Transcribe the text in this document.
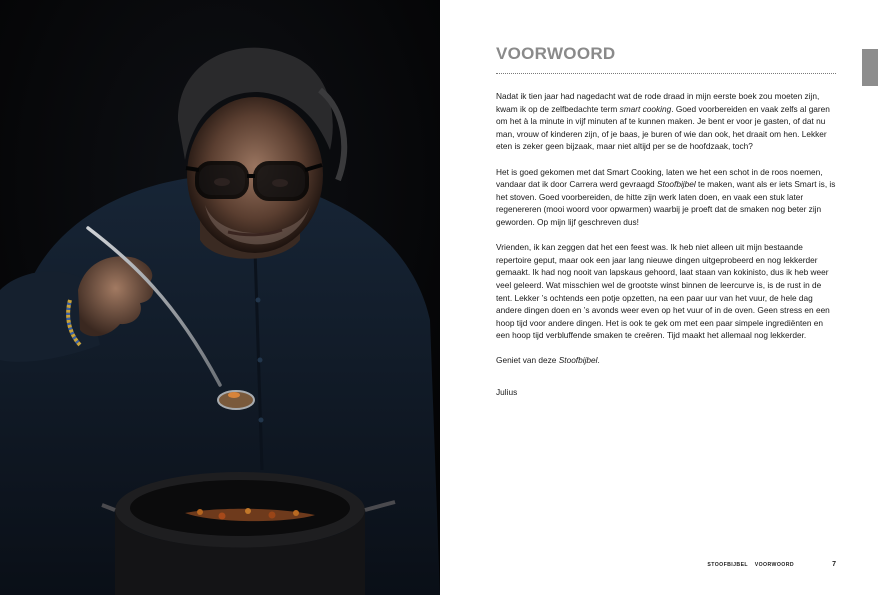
VOORWOORD

Nadat ik tien jaar had nagedacht wat de rode draad in mijn eerste boek zou moeten zijn, kwam ik op de zelfbedachte term smart cooking. Goed voorbereiden en vaak zelfs al garen om het à la minute in vijf minuten af te kunnen maken. Je bent er voor je gasten, of dat nu man, vrouw of kinderen zijn, of je baas, je buren of wie dan ook, het draait om hen. Lekker eten is zeker geen bijzaak, maar niet altijd per se de hoofdzaak, toch?

Het is goed gekomen met dat Smart Cooking, laten we het een schot in de roos noemen, vandaar dat ik door Carrera werd gevraagd Stoofbijbel te maken, want als er iets Smart is, is het stoven. Goed voorbereiden, de hitte zijn werk laten doen, en vaak een stuk later regenereren (mooi woord voor opwarmen) waarbij je proeft dat de smaken nog beter zijn geworden. Op mijn lijf geschreven dus!

Vrienden, ik kan zeggen dat het een feest was. Ik heb niet alleen uit mijn bestaande repertoire geput, maar ook een jaar lang nieuwe dingen uitgeprobeerd en nog lekkerder gemaakt. Ik had nog nooit van lapskaus gehoord, laat staan van kokinisto, dus ik heb weer veel geleerd. Wat misschien wel de grootste winst binnen de leercurve is, is de rust in de tent. Lekker ’s ochtends een potje opzetten, na een paar uur van het vuur, de hele dag andere dingen doen en ’s avonds weer even op het vuur of in de oven. Geen stress en een hoop tijd voor andere dingen. Het is ook te gek om met een paar simpele ingrediënten en een hoop tijd verbluffende smaken te creëren. Tijd maakt het allemaal nog lekkerder.

Geniet van deze Stoofbijbel.

Julius

STOOFBIJBEL VOORWOORD	7
